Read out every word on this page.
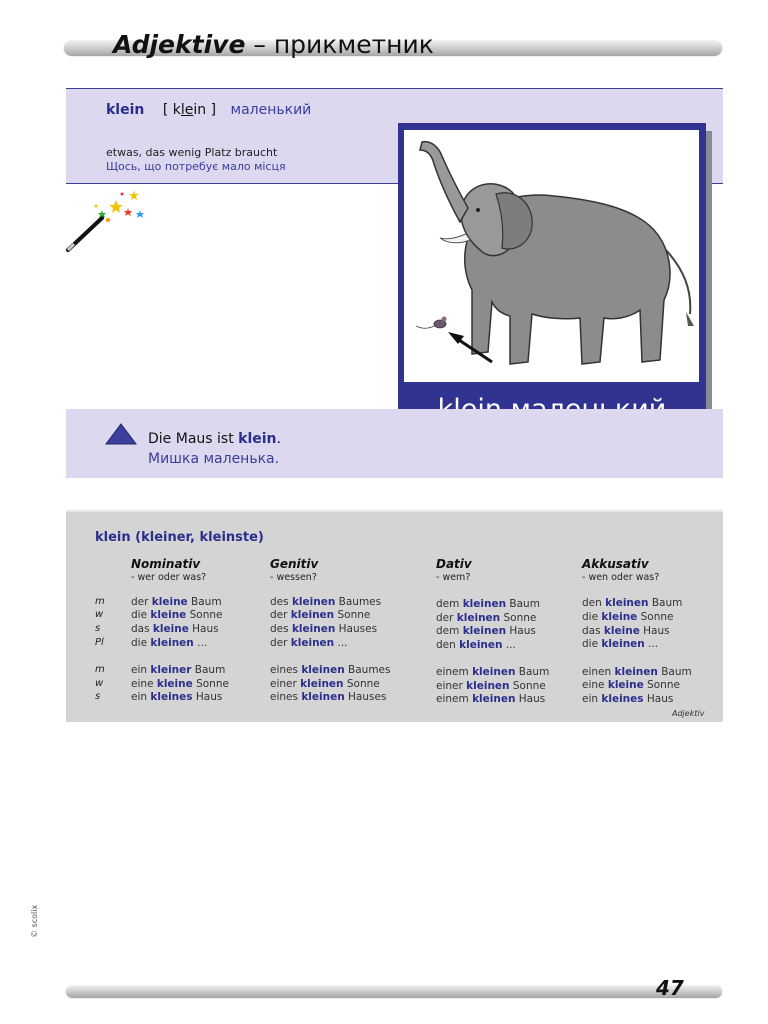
Adjektive – прикметник
klein [ klein ] маленький
etwas, das wenig Platz braucht
Щось, що потребує мало місця
Die Maus ist klein.
Мишка маленька.
klein (kleiner, kleinste)
Nominativ
- wer oder was?
Genitiv
- wessen?
Dativ
- wem?
Akkusativ
- wen oder was?
m
w
s
Pl
m
w
s
der kleine Baum
die kleine Sonne
das kleine Haus
die kleinen ...
des kleinen Baumes
der kleinen Sonne
des kleinen Hauses
der kleinen ...
dem kleinen Baum
der kleinen Sonne
dem kleinen Haus
den kleinen ...
den kleinen Baum
die kleine Sonne
das kleine Haus
die kleinen ...
ein kleiner Baum
eine kleine Sonne
ein kleines Haus
eines kleinen Baumes
einer kleinen Sonne
eines kleinen Hauses
einem kleinen Baum
einer kleinen Sonne
einem kleinen Haus
einen kleinen Baum
eine kleine Sonne
ein kleines Haus
Adjektiv
47
© scolix
